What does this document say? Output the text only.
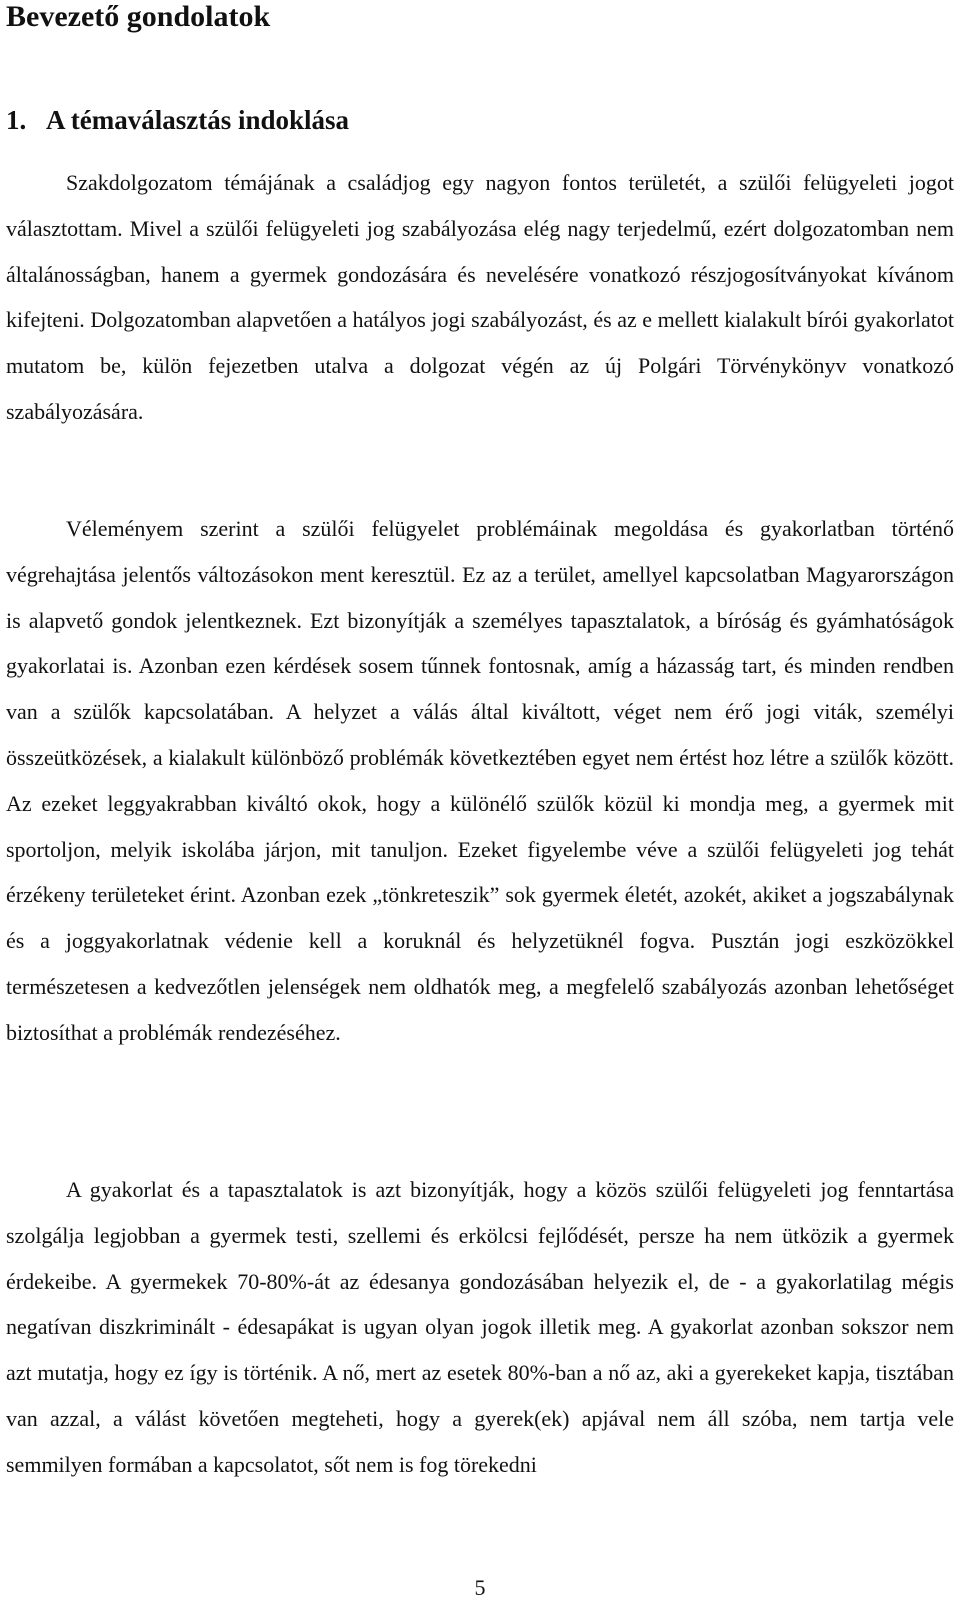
Bevezető gondolatok
1. A témaválasztás indoklása

Szakdolgozatom témájának a családjog egy nagyon fontos területét, a szülői felügyeleti jogot választottam. Mivel a szülői felügyeleti jog szabályozása elég nagy terjedelmű, ezért dolgozatomban nem általánosságban, hanem a gyermek gondozására és nevelésére vonatkozó részjogosítványokat kívánom kifejteni. Dolgozatomban alapvetően a hatályos jogi szabályozást, és az e mellett kialakult bírói gyakorlatot mutatom be, külön fejezetben utalva a dolgozat végén az új Polgári Törvénykönyv vonatkozó szabályozására.

Véleményem szerint a szülői felügyelet problémáinak megoldása és gyakorlatban történő végrehajtása jelentős változásokon ment keresztül. Ez az a terület, amellyel kapcsolatban Magyarországon is alapvető gondok jelentkeznek. Ezt bizonyítják a személyes tapasztalatok, a bíróság és gyámhatóságok gyakorlatai is. Azonban ezen kérdések sosem tűnnek fontosnak, amíg a házasság tart, és minden rendben van a szülők kapcsolatában. A helyzet a válás által kiváltott, véget nem érő jogi viták, személyi összeütközések, a kialakult különböző problémák következtében egyet nem értést hoz létre a szülők között. Az ezeket leggyakrabban kiváltó okok, hogy a különélő szülők közül ki mondja meg, a gyermek mit sportoljon, melyik iskolába járjon, mit tanuljon. Ezeket figyelembe véve a szülői felügyeleti jog tehát érzékeny területeket érint. Azonban ezek „tönkreteszik” sok gyermek életét, azokét, akiket a jogszabálynak és a joggyakorlatnak védenie kell a koruknál és helyzetüknél fogva. Pusztán jogi eszközökkel természetesen a kedvezőtlen jelenségek nem oldhatók meg, a megfelelő szabályozás azonban lehetőséget biztosíthat a problémák rendezéséhez.

A gyakorlat és a tapasztalatok is azt bizonyítják, hogy a közös szülői felügyeleti jog fenntartása szolgálja legjobban a gyermek testi, szellemi és erkölcsi fejlődését, persze ha nem ütközik a gyermek érdekeibe. A gyermekek 70-80%-át az édesanya gondozásában helyezik el, de - a gyakorlatilag mégis negatívan diszkriminált - édesapákat is ugyan olyan jogok illetik meg. A gyakorlat azonban sokszor nem azt mutatja, hogy ez így is történik. A nő, mert az esetek 80%-ban a nő az, aki a gyerekeket kapja, tisztában van azzal, a válást követően megteheti, hogy a gyerek(ek) apjával nem áll szóba, nem tartja vele semmilyen formában a kapcsolatot, sőt nem is fog törekedni

5
